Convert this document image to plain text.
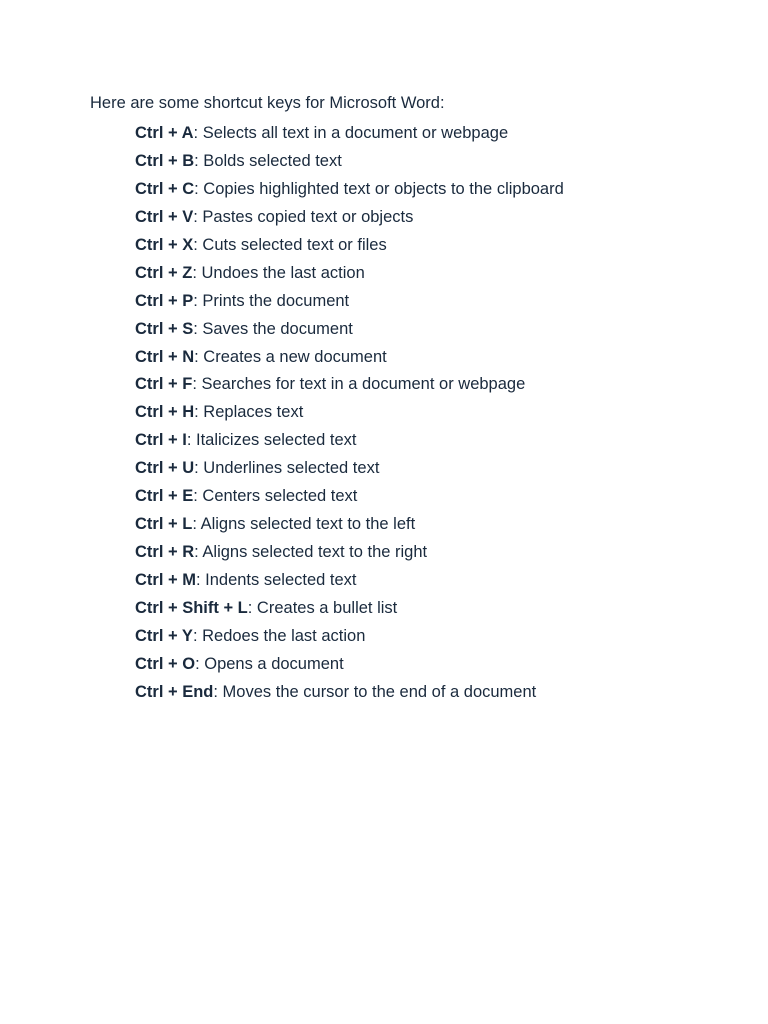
Here are some shortcut keys for Microsoft Word:

Ctrl + A: Selects all text in a document or webpage
Ctrl + B: Bolds selected text
Ctrl + C: Copies highlighted text or objects to the clipboard
Ctrl + V: Pastes copied text or objects
Ctrl + X: Cuts selected text or files
Ctrl + Z: Undoes the last action
Ctrl + P: Prints the document
Ctrl + S: Saves the document
Ctrl + N: Creates a new document
Ctrl + F: Searches for text in a document or webpage
Ctrl + H: Replaces text
Ctrl + I: Italicizes selected text
Ctrl + U: Underlines selected text
Ctrl + E: Centers selected text
Ctrl + L: Aligns selected text to the left
Ctrl + R: Aligns selected text to the right
Ctrl + M: Indents selected text
Ctrl + Shift + L: Creates a bullet list
Ctrl + Y: Redoes the last action
Ctrl + O: Opens a document
Ctrl + End: Moves the cursor to the end of a document
